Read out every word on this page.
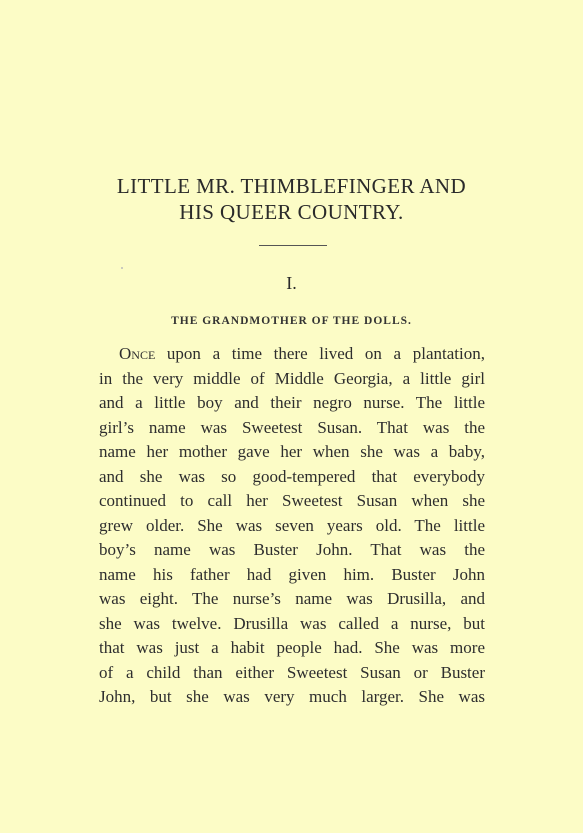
LITTLE MR. THIMBLEFINGER AND
HIS QUEER COUNTRY.
I.
THE GRANDMOTHER OF THE DOLLS.
Once upon a time there lived on a plantation,
in the very middle of Middle Georgia, a little girl
and a little boy and their negro nurse. The little
girl’s name was Sweetest Susan. That was the
name her mother gave her when she was a baby,
and she was so good-tempered that everybody
continued to call her Sweetest Susan when she
grew older. She was seven years old. The little
boy’s name was Buster John. That was the
name his father had given him. Buster John
was eight. The nurse’s name was Drusilla, and
she was twelve. Drusilla was called a nurse, but
that was just a habit people had. She was more
of a child than either Sweetest Susan or Buster
John, but she was very much larger. She was
